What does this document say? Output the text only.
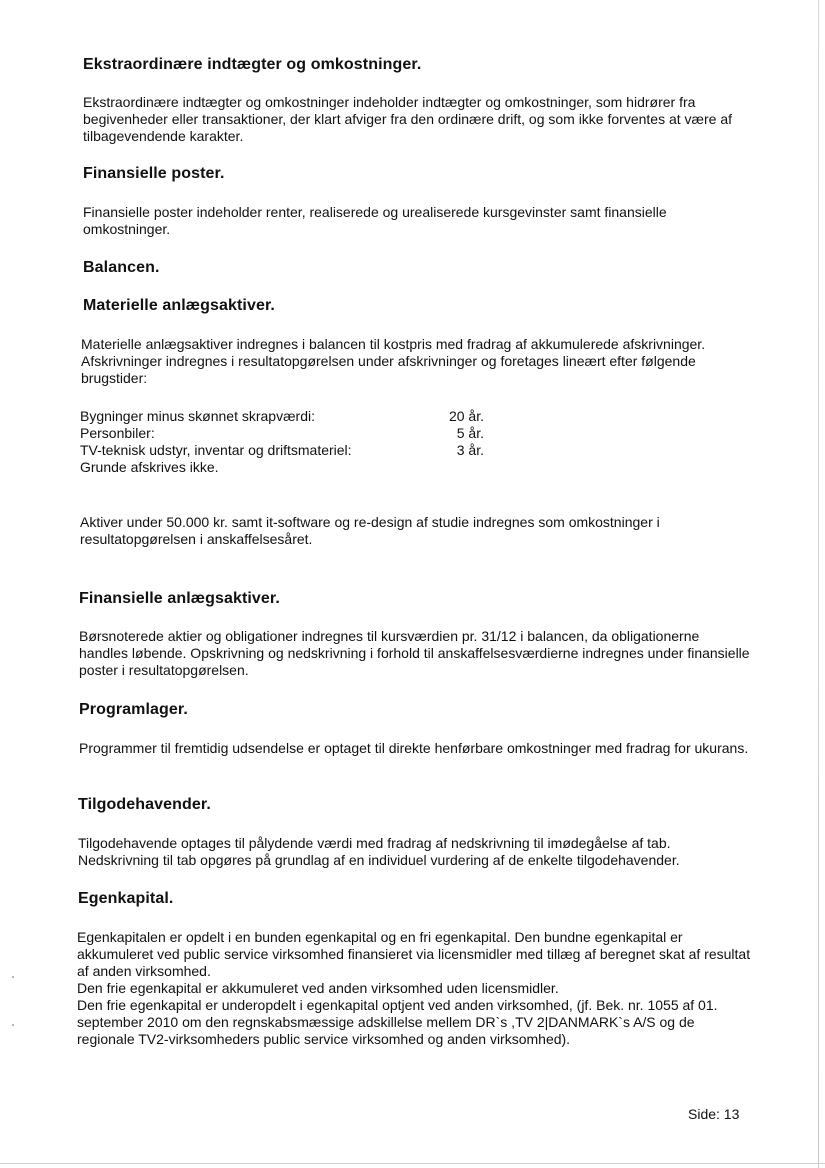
Ekstraordinære indtægter og omkostninger.

Ekstraordinære indtægter og omkostninger indeholder indtægter og omkostninger, som hidrører fra begivenheder eller transaktioner, der klart afviger fra den ordinære drift, og som ikke forventes at være af tilbagevendende karakter.

Finansielle poster.

Finansielle poster indeholder renter, realiserede og urealiserede kursgevinster samt finansielle omkostninger.

Balancen.
Materielle anlægsaktiver.

Materielle anlægsaktiver indregnes i balancen til kostpris med fradrag af akkumulerede afskrivninger. Afskrivninger indregnes i resultatopgørelsen under afskrivninger og foretages lineært efter følgende brugstider:

Bygninger minus skønnet skrapværdi:	20 år.
Personbiler:	5 år.
TV-teknisk udstyr, inventar og driftsmateriel:	3 år.

Grunde afskrives ikke.

Aktiver under 50.000 kr. samt it-software og re-design af studie indregnes som omkostninger i resultatopgørelsen i anskaffelsesåret.

Finansielle anlægsaktiver.

Børsnoterede aktier og obligationer indregnes til kursværdien pr. 31/12 i balancen, da obligationerne handles løbende. Opskrivning og nedskrivning i forhold til anskaffelsesværdierne indregnes under finansielle poster i resultatopgørelsen.

Programlager.

Programmer til fremtidig udsendelse er optaget til direkte henførbare omkostninger med fradrag for ukurans.

Tilgodehavender.

Tilgodehavende optages til pålydende værdi med fradrag af nedskrivning til imødegåelse af tab. Nedskrivning til tab opgøres på grundlag af en individuel vurdering af de enkelte tilgodehavender.

Egenkapital.

Egenkapitalen er opdelt i en bunden egenkapital og en fri egenkapital. Den bundne egenkapital er akkumuleret ved public service virksomhed finansieret via licensmidler med tillæg af beregnet skat af resultat af anden virksomhed.

Den frie egenkapital er akkumuleret ved anden virksomhed uden licensmidler.

Den frie egenkapital er underopdelt i egenkapital optjent ved anden virksomhed, (jf. Bek. nr. 1055 af 01. september 2010 om den regnskabsmæssige adskillelse mellem DR`s ,TV 2|DANMARK`s A/S og de regionale TV2-virksomheders public service virksomhed og anden virksomhed).

Side: 13
